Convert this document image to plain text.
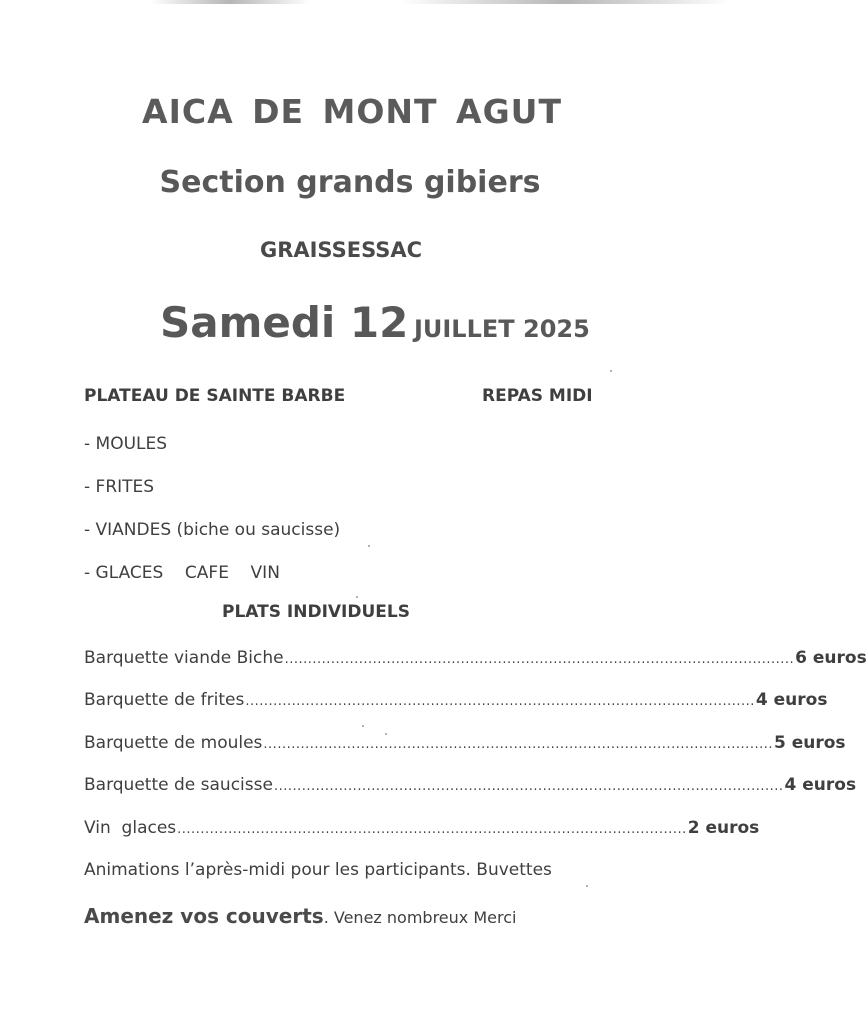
AICA DE MONT AGUT
Section grands gibiers
GRAISSESSAC
Samedi 12 JUILLET 2025
PLATEAU DE SAINTE BARBE	REPAS MIDI
- MOULES
- FRITES
- VIANDES (biche ou saucisse)
- GLACES    CAFE    VIN
PLATS INDIVIDUELS
Barquette viande Biche .............................................................................................................. 6 euros
Barquette de frites .............................................................................................................. 4 euros
Barquette de moules .............................................................................................................. 5 euros
Barquette de saucisse .............................................................................................................. 4 euros
Vin  glaces .............................................................................................................. 2 euros
Animations l’après-midi pour les participants. Buvettes
Amenez vos couverts. Venez nombreux Merci
